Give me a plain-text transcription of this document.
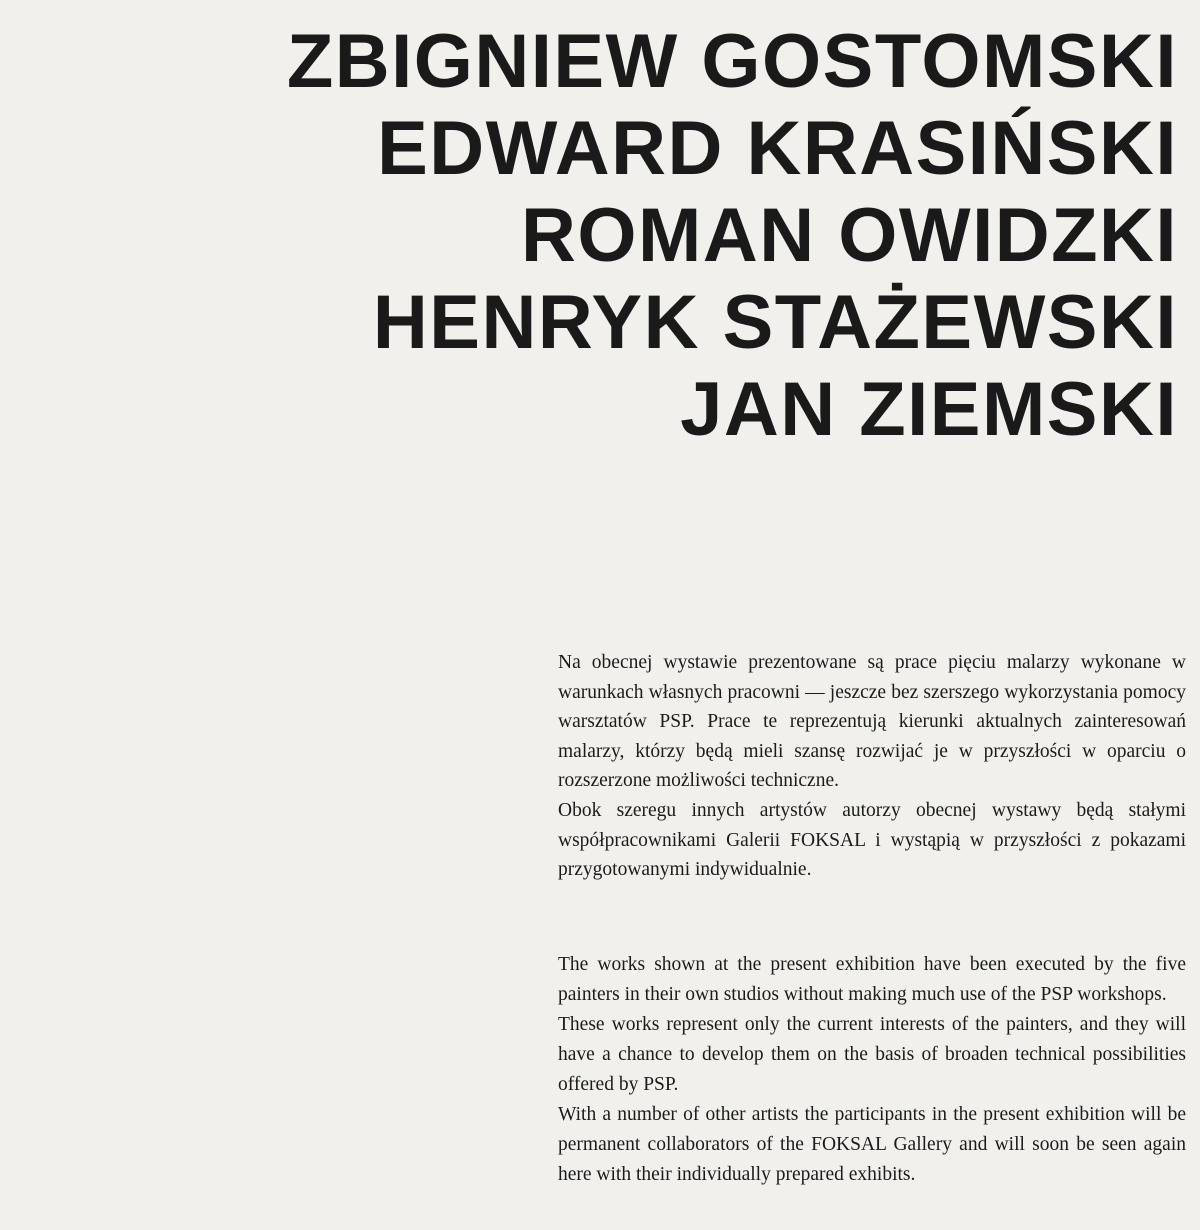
ZBIGNIEW GOSTOMSKI
EDWARD KRASIŃSKI
ROMAN OWIDZKI
HENRYK STAŻEWSKI
JAN ZIEMSKI

Na obecnej wystawie prezentowane są prace pięciu malarzy wykonane w warunkach własnych pracowni — jeszcze bez szerszego wykorzystania pomocy warsztatów PSP. Prace te reprezentują kierunki aktualnych zainteresowań malarzy, którzy będą mieli szansę rozwijać je w przyszłości w oparciu o rozszerzone możliwości techniczne.

Obok szeregu innych artystów autorzy obecnej wystawy będą stałymi współpracownikami Galerii FOKSAL i wystąpią w przyszłości z pokazami przygotowanymi indywidualnie.

The works shown at the present exhibition have been executed by the five painters in their own studios without making much use of the PSP workshops.

These works represent only the current interests of the painters, and they will have a chance to develop them on the basis of broaden technical possibilities offered by PSP.

With a number of other artists the participants in the present exhibition will be permanent collaborators of the FOKSAL Gallery and will soon be seen again here with their individually prepared exhibits.
